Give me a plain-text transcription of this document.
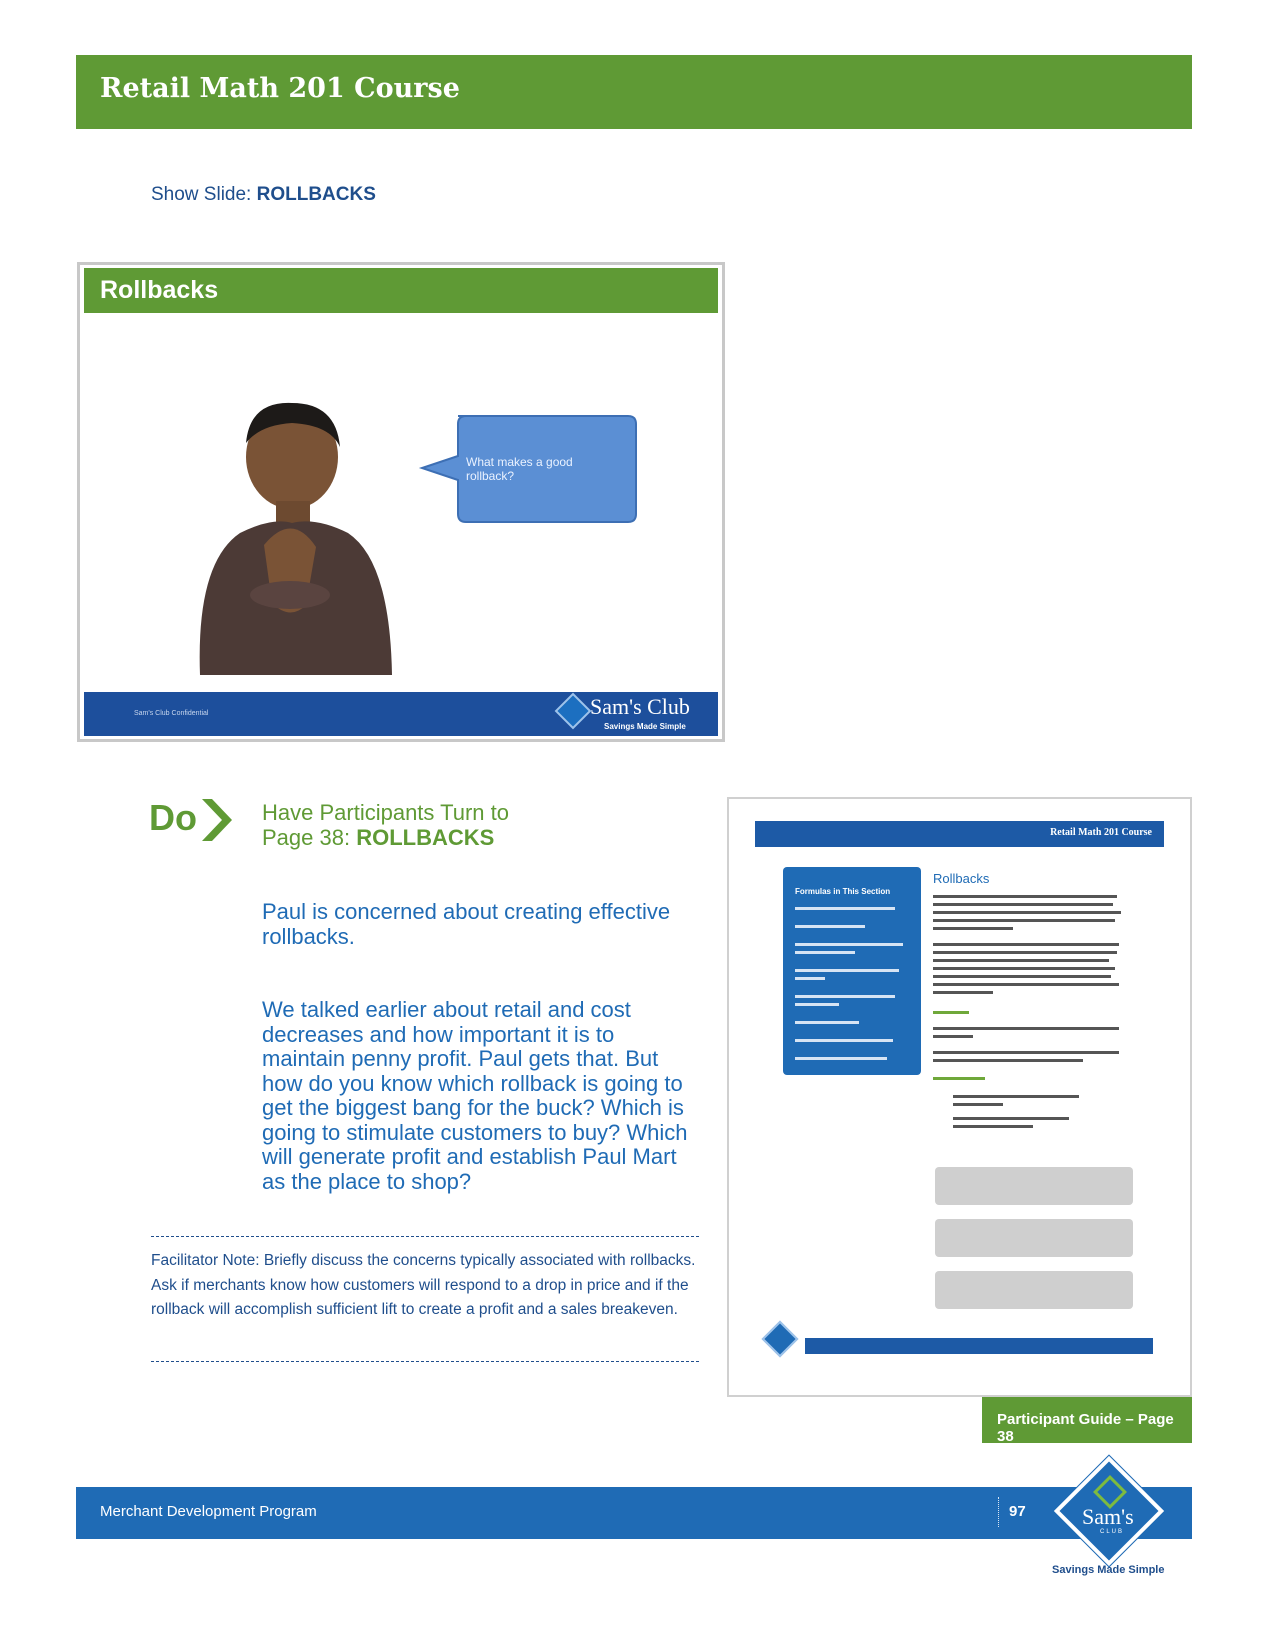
Retail Math 201 Course
Show Slide: ROLLBACKS
Rollbacks
What makes a good rollback?
Sam's Club Confidential	Sam's Club
Savings Made Simple
Do	Have Participants Turn to
Page 38: ROLLBACKS
Paul is concerned about creating effective rollbacks.
We talked earlier about retail and cost decreases and how important it is to maintain penny profit. Paul gets that. But how do you know which rollback is going to get the biggest bang for the buck? Which is going to stimulate customers to buy? Which will generate profit and establish Paul Mart as the place to shop?
Facilitator Note: Briefly discuss the concerns typically associated with rollbacks. Ask if merchants know how customers will respond to a drop in price and if the rollback will accomplish sufficient lift to create a profit and a sales breakeven.
Retail Math 201 Course
Formulas in This Section
Rollbacks
Participant Guide – Page 38
Merchant Development Program	97	Sam's
CLUB
Savings Made Simple
